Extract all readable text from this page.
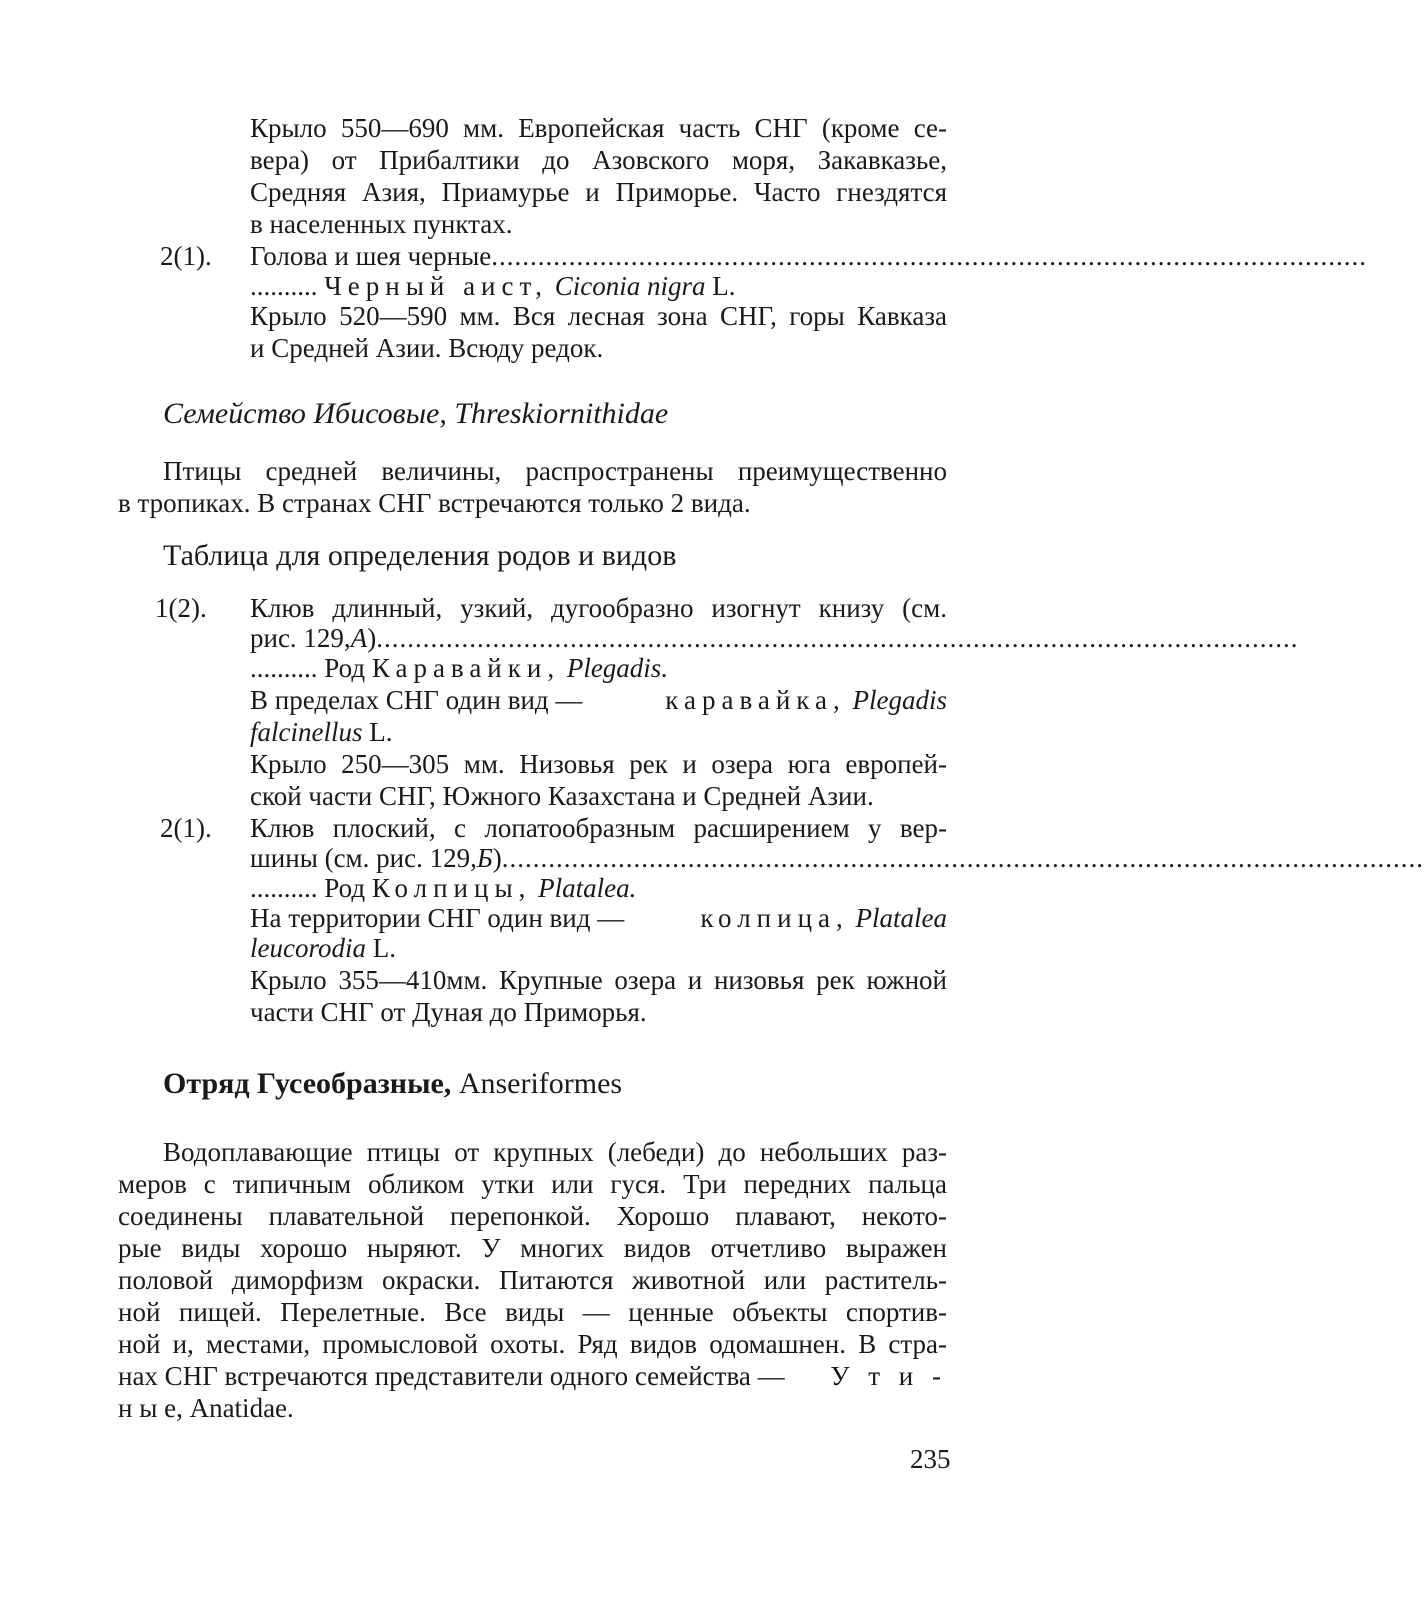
Крыло 550—690 мм. Европейская часть СНГ (кроме се-
вера) от Прибалтики до Азовского моря, Закавказье,
Средняя Азия, Приамурье и Приморье. Часто гнездятся
в населенных пунктах.
2(1). Голова и шея черные .................................................................................................................
.......... Черный аист, Ciconia nigra L.
Крыло 520—590 мм. Вся лесная зона СНГ, горы Кавказа
и Средней Азии. Всюду редок.
Семейство Ибисовые, Threskiornithidae
Птицы средней величины, распространены преимущественно
в тропиках. В странах СНГ встречаются только 2 вида.
Таблица для определения родов и видов
1(2). Клюв длинный, узкий, дугообразно изогнут книзу (см.
рис. 129, А ) .......................................................................................................................
.......... Род Каравайки, Plegadis.
В пределах СНГ один вид —	каравайка, Plegadis
falcinellus L.
Крыло 250—305 мм. Низовья рек и озера юга европей-
ской части СНГ, Южного Казахстана и Средней Азии.
2(1). Клюв плоский, с лопатообразным расширением у вер-
шины (см. рис. 129, Б ) .......................................................................................................................
.......... Род Колпицы, Platalea.
На территории СНГ один вид —	колпица, Platalea
leucorodia L.
Крыло 355—410мм. Крупные озера и низовья рек южной
части СНГ от Дуная до Приморья.
Отряд Гусеобразные, Anseriformes
Водоплавающие птицы от крупных (лебеди) до небольших раз-
меров с типичным обликом утки или гуся. Три передних пальца
соединены плавательной перепонкой. Хорошо плавают, некото-
рые виды хорошо ныряют. У многих видов отчетливо выражен
половой диморфизм окраски. Питаются животной или раститель-
ной пищей. Перелетные. Все виды — ценные объекты спортив-
ной и, местами, промысловой охоты. Ряд видов одомашнен. В стра-
нах СНГ встречаются представители одного семейства — У т и -
н ы е, Anatidae.
235
